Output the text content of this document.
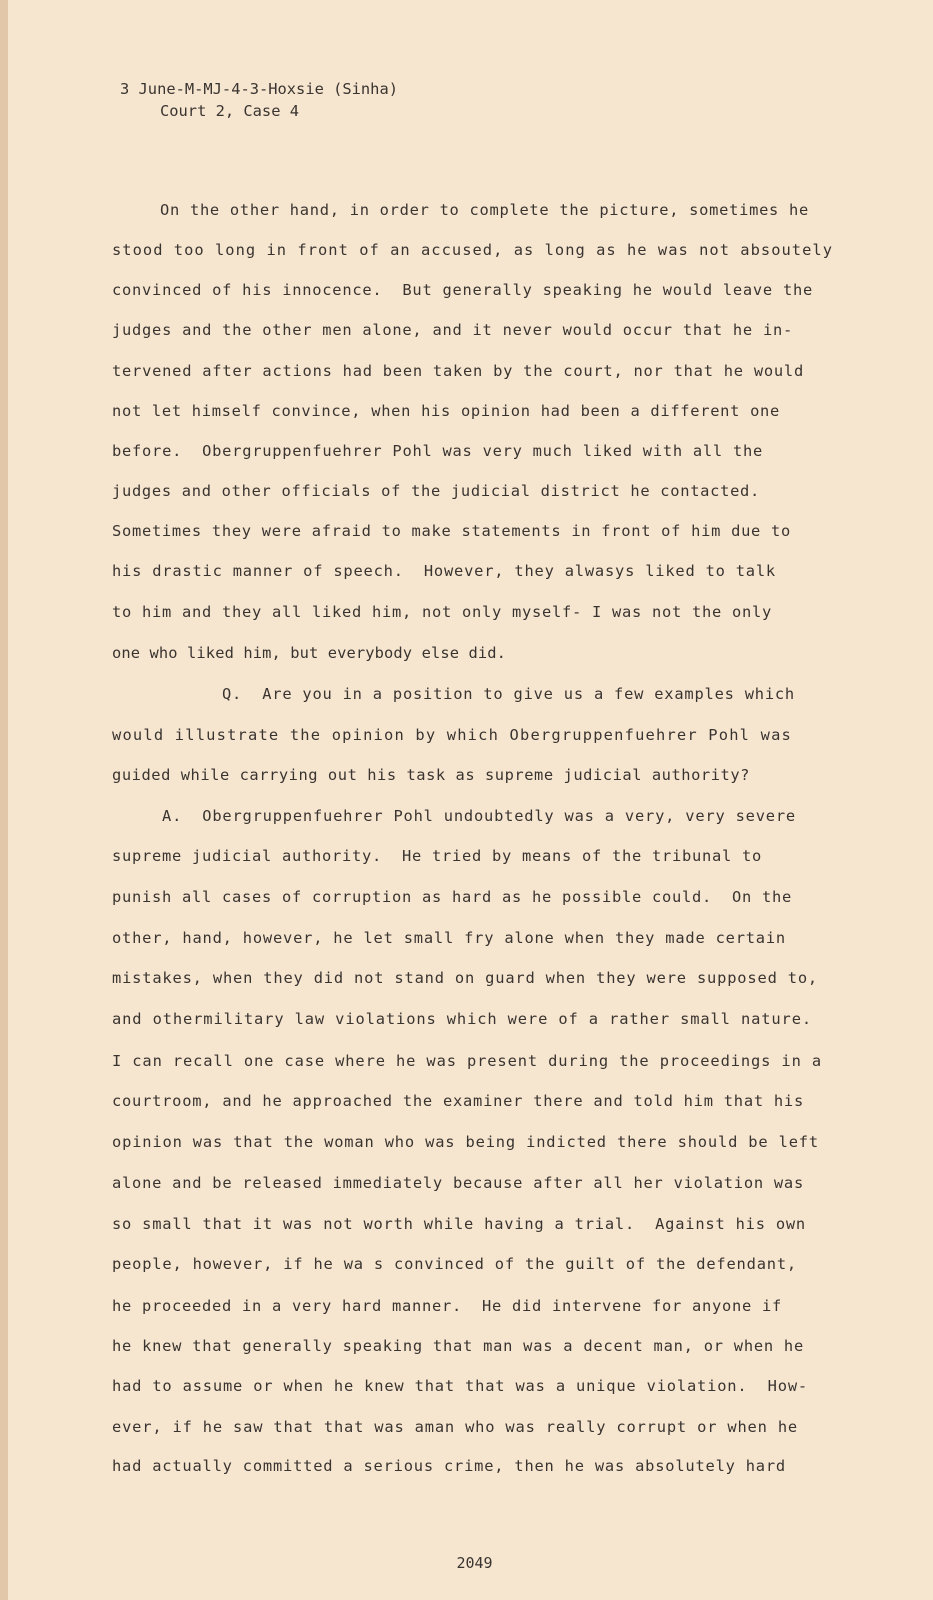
3 June-M-MJ-4-3-Hoxsie (Sinha)
Court 2, Case 4
On the other hand, in order to complete the picture, sometimes he
stood too long in front of an accused, as long as he was not absoutely
convinced of his innocence.  But generally speaking he would leave the
judges and the other men alone, and it never would occur that he in-
tervened after actions had been taken by the court, nor that he would
not let himself convince, when his opinion had been a different one
before.  Obergruppenfuehrer Pohl was very much liked with all the
judges and other officials of the judicial district he contacted.
Sometimes they were afraid to make statements in front of him due to
his drastic manner of speech.  However, they alwasys liked to talk
to him and they all liked him, not only myself- I was not the only
one who liked him, but everybody else did.
Q.  Are you in a position to give us a few examples which
would illustrate the opinion by which Obergruppenfuehrer Pohl was
guided while carrying out his task as supreme judicial authority?
A.  Obergruppenfuehrer Pohl undoubtedly was a very, very severe
supreme judicial authority.  He tried by means of the tribunal to
punish all cases of corruption as hard as he possible could.  On the
other, hand, however, he let small fry alone when they made certain
mistakes, when they did not stand on guard when they were supposed to,
and othermilitary law violations which were of a rather small nature.
I can recall one case where he was present during the proceedings in a
courtroom, and he approached the examiner there and told him that his
opinion was that the woman who was being indicted there should be left
alone and be released immediately because after all her violation was
so small that it was not worth while having a trial.  Against his own
people, however, if he wa s convinced of the guilt of the defendant,
he proceeded in a very hard manner.  He did intervene for anyone if
he knew that generally speaking that man was a decent man, or when he
had to assume or when he knew that that was a unique violation.  How-
ever, if he saw that that was aman who was really corrupt or when he
had actually committed a serious crime, then he was absolutely hard
2049
